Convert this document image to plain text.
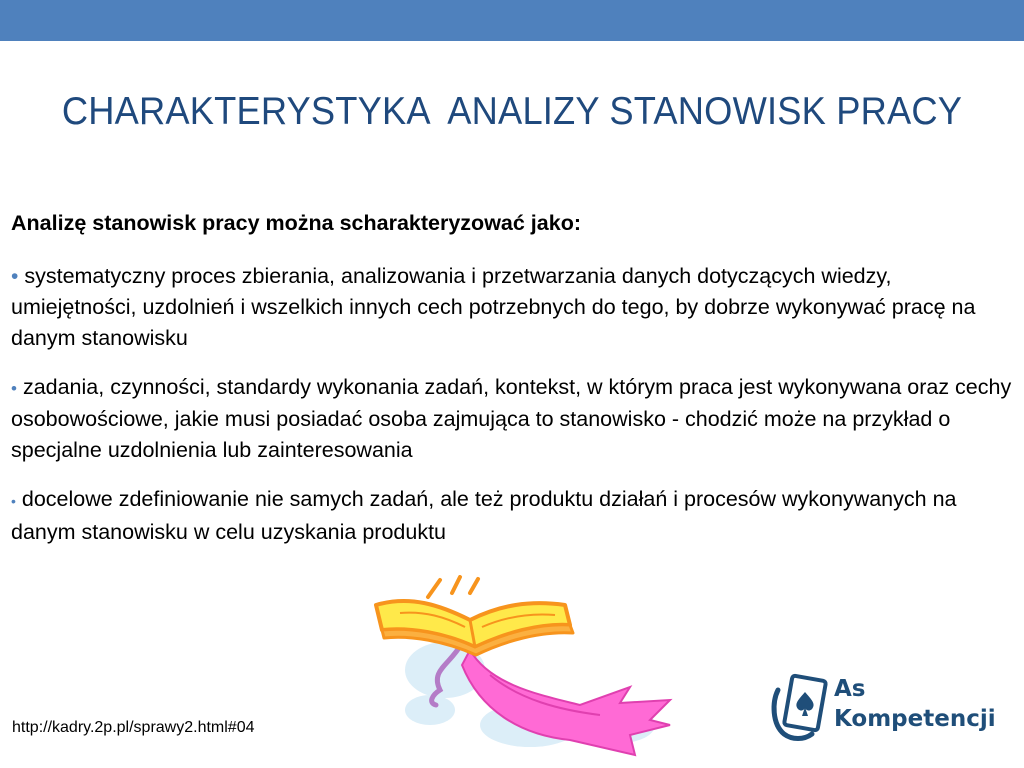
CHARAKTERYSTYKA  ANALIZY STANOWISK PRACY

Analizę stanowisk pracy można scharakteryzować jako:

• systematyczny proces zbierania, analizowania i przetwarzania danych dotyczących wiedzy, umiejętności, uzdolnień i wszelkich innych cech potrzebnych do tego, by dobrze wykonywać pracę na danym stanowisku

• zadania, czynności, standardy wykonania zadań, kontekst, w którym praca jest wykonywana oraz cechy osobowościowe, jakie musi posiadać osoba zajmująca to stanowisko - chodzić może na przykład o specjalne uzdolnienia lub zainteresowania

• docelowe zdefiniowanie nie samych zadań, ale też produktu działań i procesów wykonywanych na danym stanowisku w celu uzyskania produktu

http://kadry.2p.pl/sprawy2.html#04
As
Kompetencji
